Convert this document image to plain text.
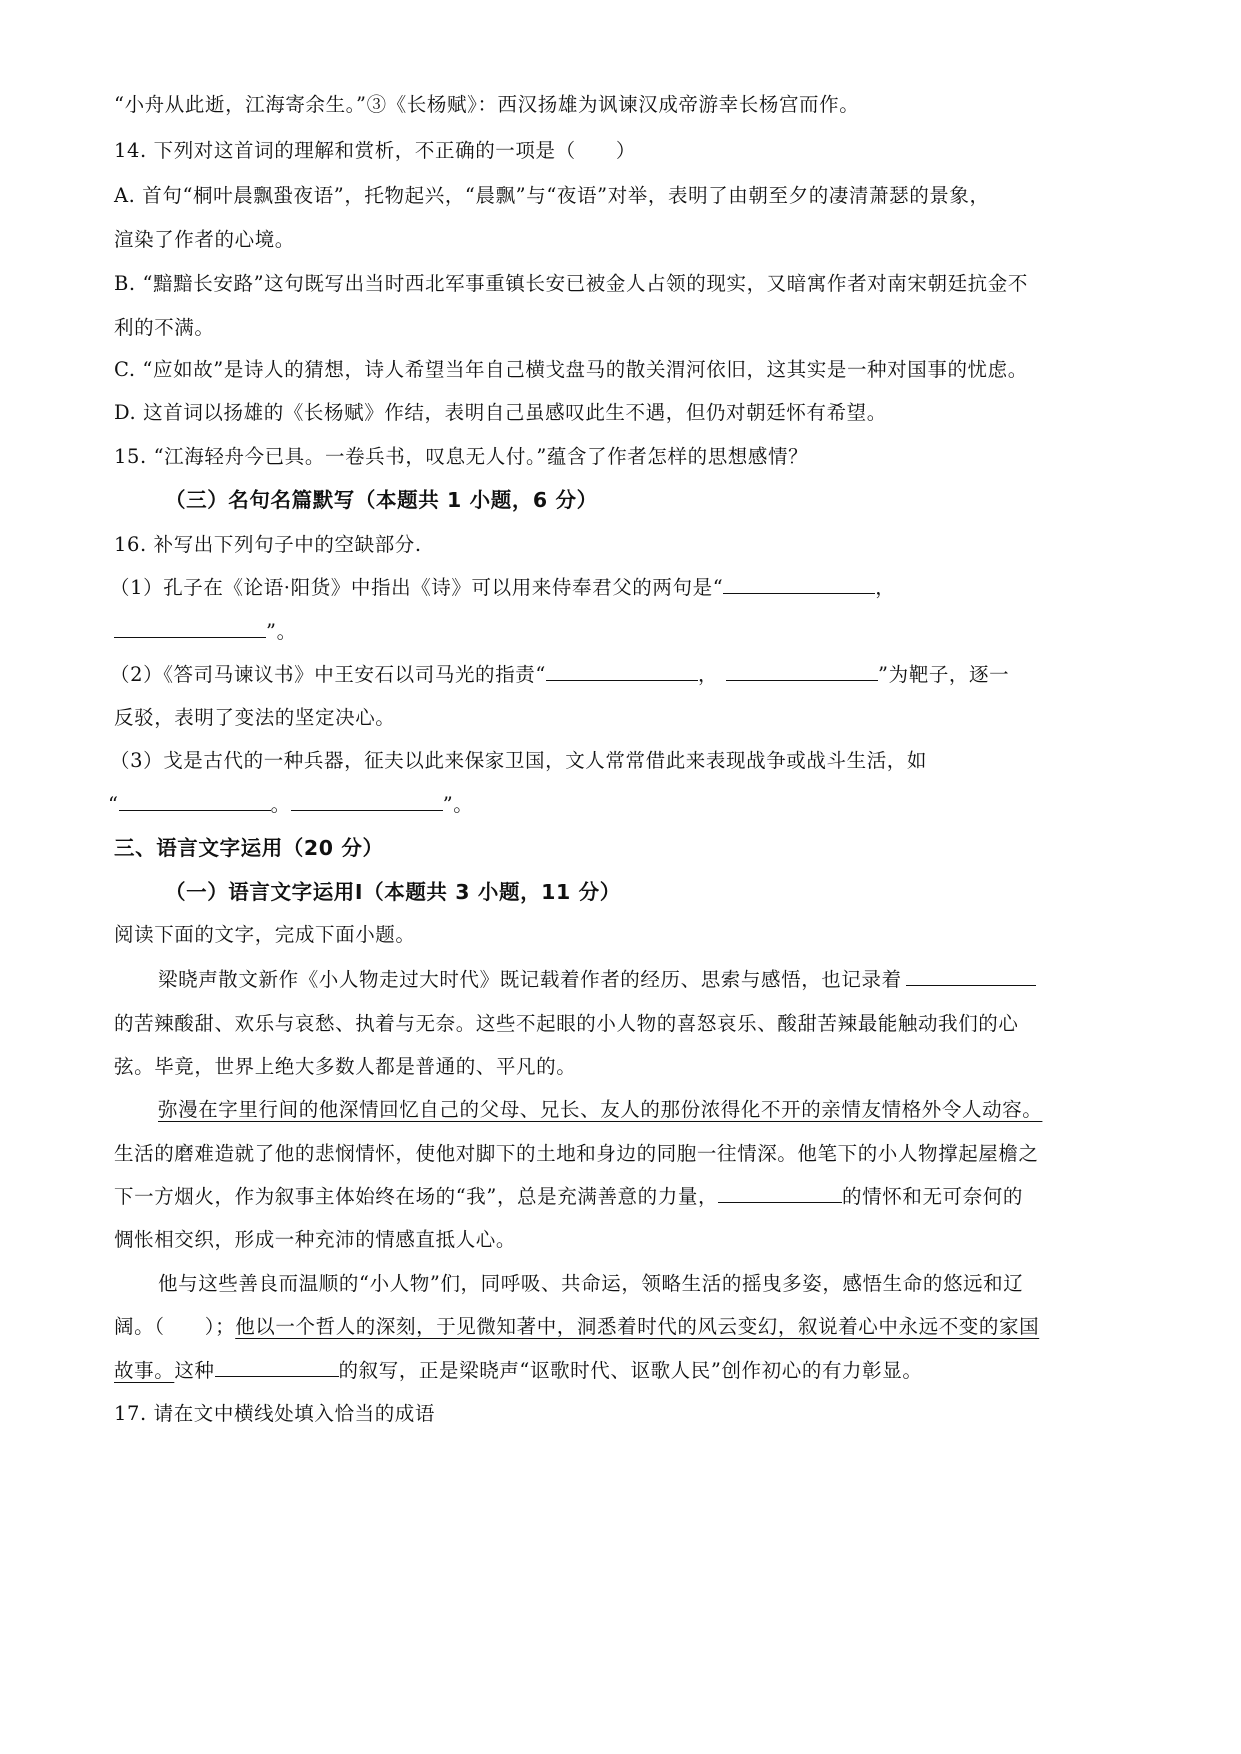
“小舟从此逝，江海寄余生。”③《长杨赋》：西汉扬雄为讽谏汉成帝游幸长杨宫而作。
14. 下列对这首词的理解和赏析，不正确的一项是（　　）
A. 首句“桐叶晨飘蛩夜语”，托物起兴，“晨飘”与“夜语”对举，表明了由朝至夕的凄清萧瑟的景象，
渲染了作者的心境。
B. “黯黯长安路”这句既写出当时西北军事重镇长安已被金人占领的现实，又暗寓作者对南宋朝廷抗金不
利的不满。
C. “应如故”是诗人的猜想，诗人希望当年自己横戈盘马的散关渭河依旧，这其实是一种对国事的忧虑。
D. 这首词以扬雄的《长杨赋》作结，表明自己虽感叹此生不遇，但仍对朝廷怀有希望。
15. “江海轻舟今已具。一卷兵书，叹息无人付。”蕴含了作者怎样的思想感情？
（三）名句名篇默写（本题共 1 小题，6 分）
16. 补写出下列句子中的空缺部分.
（1）孔子在《论语·阳货》中指出《诗》可以用来侍奉君父的两句是“	，
”。
（2）《答司马谏议书》中王安石以司马光的指责“	，	”为靶子，逐一
反驳，表明了变法的坚定决心。
（3）戈是古代的一种兵器，征夫以此来保家卫国，文人常常借此来表现战争或战斗生活，如
“	。	”。
三、语言文字运用（20 分）
（一）语言文字运用Ⅰ（本题共 3 小题，11 分）
阅读下面的文字，完成下面小题。
梁晓声散文新作《小人物走过大时代》既记载着作者的经历、思索与感悟，也记录着
的苦辣酸甜、欢乐与哀愁、执着与无奈。这些不起眼的小人物的喜怒哀乐、酸甜苦辣最能触动我们的心
弦。毕竟，世界上绝大多数人都是普通的、平凡的。
弥漫在字里行间的他深情回忆自己的父母、兄长、友人的那份浓得化不开的亲情友情格外令人动容。
生活的磨难造就了他的悲悯情怀，使他对脚下的土地和身边的同胞一往情深。他笔下的小人物撑起屋檐之
下一方烟火，作为叙事主体始终在场的“我”，总是充满善意的力量，	的情怀和无可奈何的
惆怅相交织，形成一种充沛的情感直抵人心。
他与这些善良而温顺的“小人物”们，同呼吸、共命运，领略生活的摇曳多姿，感悟生命的悠远和辽
阔。（　　）；他以一个哲人的深刻，于见微知著中，洞悉着时代的风云变幻，叙说着心中永远不变的家国
故事。这种	的叙写，正是梁晓声“讴歌时代、讴歌人民”创作初心的有力彰显。
17. 请在文中横线处填入恰当的成语
